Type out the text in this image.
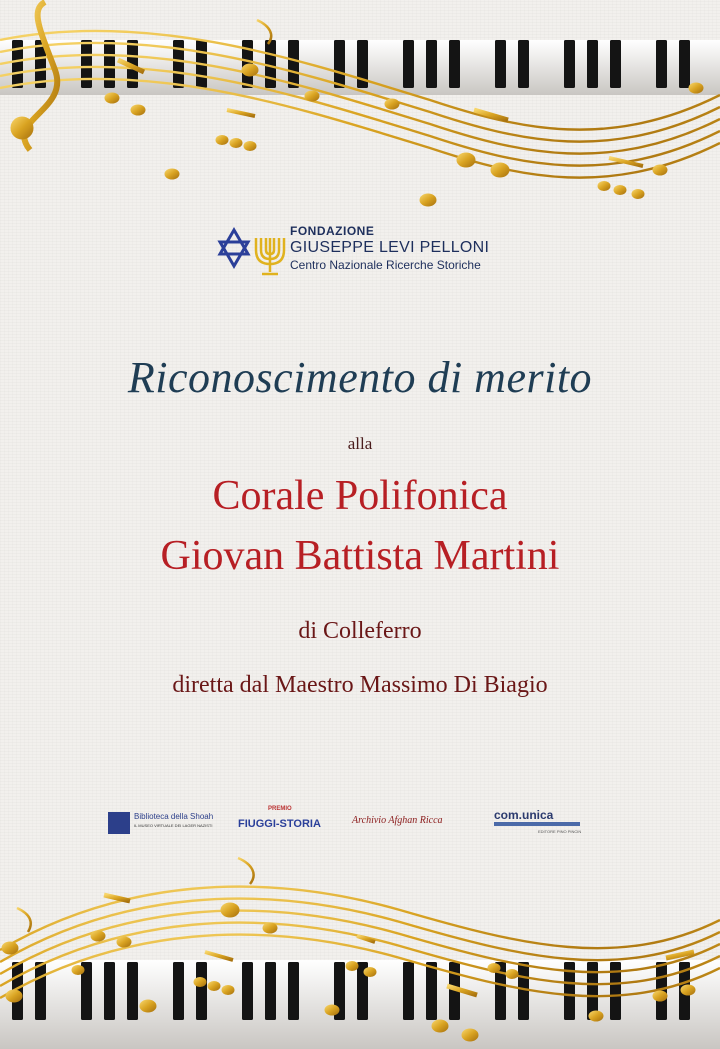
FONDAZIONE
GIUSEPPE LEVI PELLONI
Centro Nazionale Ricerche Storiche
Riconoscimento di merito
alla
Corale Polifonica
Giovan Battista Martini
di Colleferro
diretta dal Maestro Massimo Di Biagio
Biblioteca della Shoah
IL MUSEO VIRTUALE DEI LAGER NAZISTI
PREMIO
FIUGGI-STORIA	Archivio Afghan Ricca	com.unica
EDITORE PINO PINCIN
